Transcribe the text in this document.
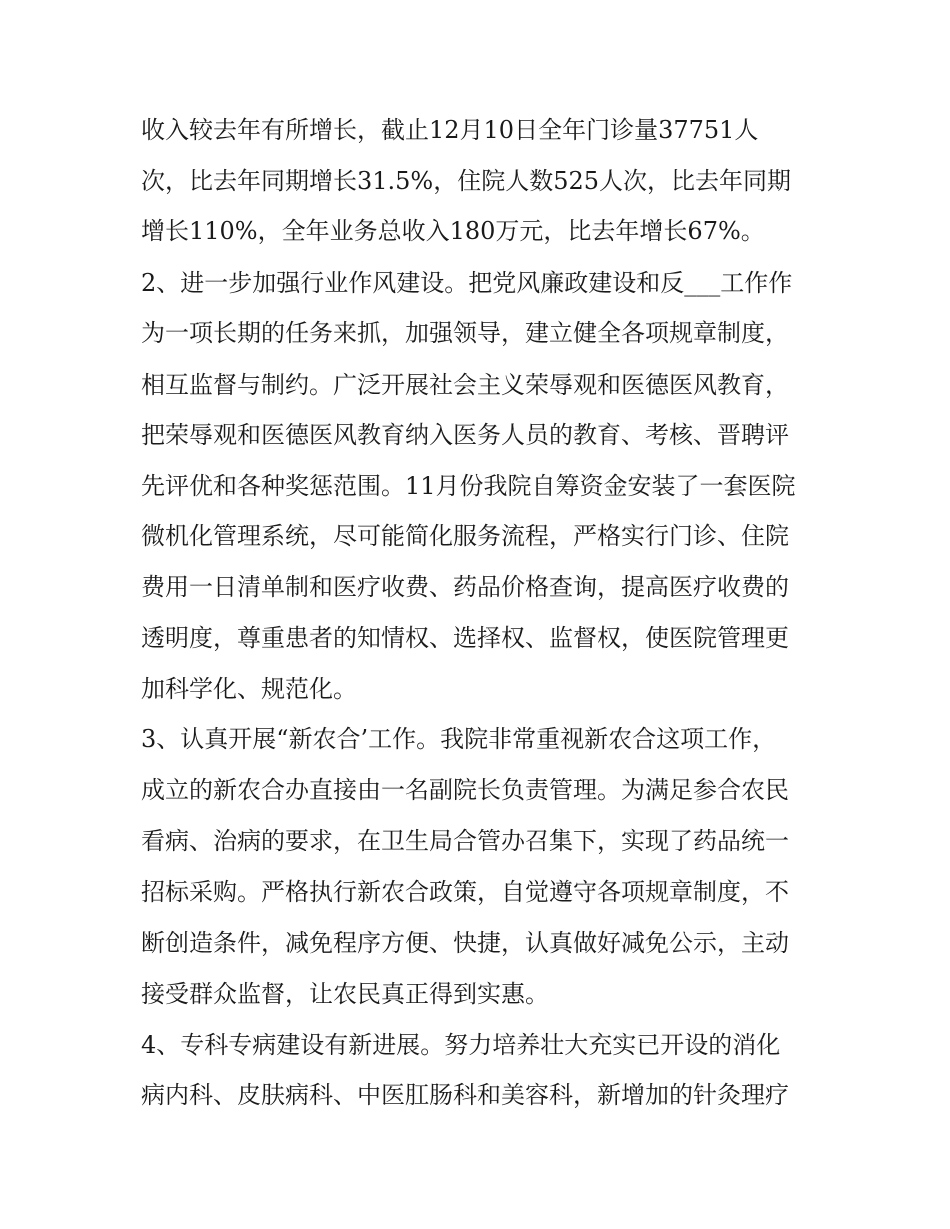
收入较去年有所增长，截止12月10日全年门诊量37751人
次，比去年同期增长31.5%，住院人数525人次，比去年同期
增长110%，全年业务总收入180万元，比去年增长67%。
2、进一步加强行业作风建设。把党风廉政建设和反___工作作
为一项长期的任务来抓，加强领导，建立健全各项规章制度，
相互监督与制约。广泛开展社会主义荣辱观和医德医风教育，
把荣辱观和医德医风教育纳入医务人员的教育、考核、晋聘评
先评优和各种奖惩范围。11月份我院自筹资金安装了一套医院
微机化管理系统，尽可能简化服务流程，严格实行门诊、住院
费用一日清单制和医疗收费、药品价格查询，提高医疗收费的
透明度，尊重患者的知情权、选择权、监督权，使医院管理更
加科学化、规范化。
3、认真开展“新农合’工作。我院非常重视新农合这项工作，
成立的新农合办直接由一名副院长负责管理。为满足参合农民
看病、治病的要求，在卫生局合管办召集下，实现了药品统一
招标采购。严格执行新农合政策，自觉遵守各项规章制度，不
断创造条件，减免程序方便、快捷，认真做好减免公示，主动
接受群众监督，让农民真正得到实惠。
4、专科专病建设有新进展。努力培养壮大充实已开设的消化
病内科、皮肤病科、中医肛肠科和美容科，新增加的针灸理疗
